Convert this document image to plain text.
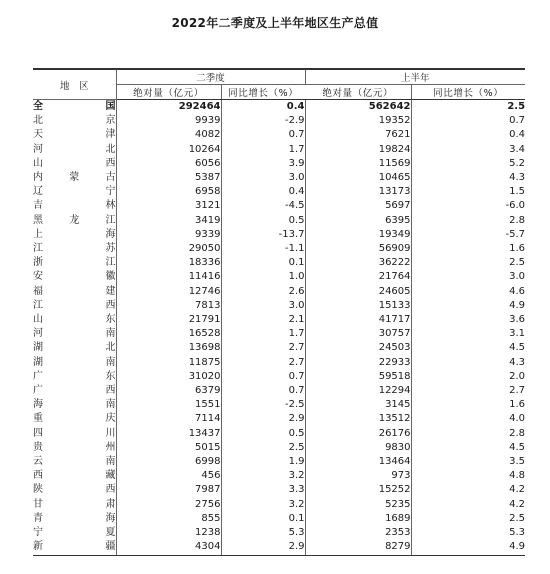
2022年二季度及上半年地区生产总值
地　区	二季度		上半年	
	绝对量（亿元）	同比增长（%）	绝对量（亿元）	同比增长（%）
全国	292464	0.4	562642	2.5
北京	9939	-2.9	19352	0.7
天津	4082	0.7	7621	0.4
河北	10264	1.7	19824	3.4
山西	6056	3.9	11569	5.2
内蒙古	5387	3.0	10465	4.3
辽宁	6958	0.4	13173	1.5
吉林	3121	-4.5	5697	-6.0
黑龙江	3419	0.5	6395	2.8
上海	9339	-13.7	19349	-5.7
江苏	29050	-1.1	56909	1.6
浙江	18336	0.1	36222	2.5
安徽	11416	1.0	21764	3.0
福建	12746	2.6	24605	4.6
江西	7813	3.0	15133	4.9
山东	21791	2.1	41717	3.6
河南	16528	1.7	30757	3.1
湖北	13698	2.7	24503	4.5
湖南	11875	2.7	22933	4.3
广东	31020	0.7	59518	2.0
广西	6379	0.7	12294	2.7
海南	1551	-2.5	3145	1.6
重庆	7114	2.9	13512	4.0
四川	13437	0.5	26176	2.8
贵州	5015	2.5	9830	4.5
云南	6998	1.9	13464	3.5
西藏	456	3.2	973	4.8
陕西	7987	3.3	15252	4.2
甘肃	2756	3.2	5235	4.2
青海	855	0.1	1689	2.5
宁夏	1238	5.3	2353	5.3
新疆	4304	2.9	8279	4.9
